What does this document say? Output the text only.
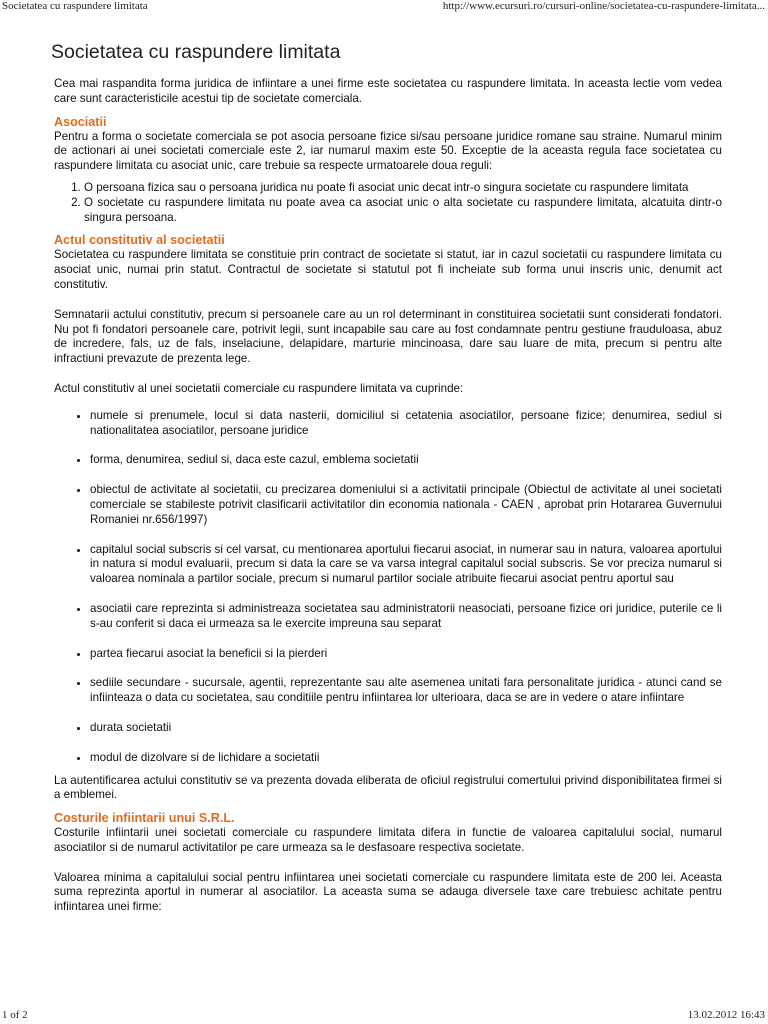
Societatea cu raspundere limitata	http://www.ecursuri.ro/cursuri-online/societatea-cu-raspundere-limitata...
Societatea cu raspundere limitata

Cea mai raspandita forma juridica de infiintare a unei firme este societatea cu raspundere limitata. In aceasta lectie vom vedea care sunt caracteristicile acestui tip de societate comerciala.

Asociatii

Pentru a forma o societate comerciala se pot asocia persoane fizice si/sau persoane juridice romane sau straine. Numarul minim de actionari ai unei societati comerciale este 2, iar numarul maxim este 50. Exceptie de la aceasta regula face societatea cu raspundere limitata cu asociat unic, care trebuie sa respecte urmatoarele doua reguli:

1. O persoana fizica sau o persoana juridica nu poate fi asociat unic decat intr-o singura societate cu raspundere limitata
2. O societate cu raspundere limitata nu poate avea ca asociat unic o alta societate cu raspundere limitata, alcatuita dintr-o singura persoana.
Actul constitutiv al societatii

Societatea cu raspundere limitata se constituie prin contract de societate si statut, iar in cazul societatii cu raspundere limitata cu asociat unic, numai prin statut. Contractul de societate si statutul pot fi incheiate sub forma unui inscris unic, denumit act constitutiv.

Semnatarii actului constitutiv, precum si persoanele care au un rol determinant in constituirea societatii sunt considerati fondatori. Nu pot fi fondatori persoanele care, potrivit legii, sunt incapabile sau care au fost condamnate pentru gestiune frauduloasa, abuz de incredere, fals, uz de fals, inselaciune, delapidare, marturie mincinoasa, dare sau luare de mita, precum si pentru alte infractiuni prevazute de prezenta lege.

Actul constitutiv al unei societatii comerciale cu raspundere limitata va cuprinde:

• numele si prenumele, locul si data nasterii, domiciliul si cetatenia asociatilor, persoane fizice; denumirea, sediul si nationalitatea asociatilor, persoane juridice
• forma, denumirea, sediul si, daca este cazul, emblema societatii
• obiectul de activitate al societatii, cu precizarea domeniului si a activitatii principale (Obiectul de activitate al unei societati comerciale se stabileste potrivit clasificarii activitatilor din economia nationala - CAEN , aprobat prin Hotararea Guvernului Romaniei nr.656/1997)
• capitalul social subscris si cel varsat, cu mentionarea aportului fiecarui asociat, in numerar sau in natura, valoarea aportului in natura si modul evaluarii, precum si data la care se va varsa integral capitalul social subscris. Se vor preciza numarul si valoarea nominala a partilor sociale, precum si numarul partilor sociale atribuite fiecarui asociat pentru aportul sau
• asociatii care reprezinta si administreaza societatea sau administratorii neasociati, persoane fizice ori juridice, puterile ce li s-au conferit si daca ei urmeaza sa le exercite impreuna sau separat
• partea fiecarui asociat la beneficii si la pierderi
• sediile secundare - sucursale, agentii, reprezentante sau alte asemenea unitati fara personalitate juridica - atunci cand se infiinteaza o data cu societatea, sau conditiile pentru infiintarea lor ulterioara, daca se are in vedere o atare infiintare
• durata societatii
• modul de dizolvare si de lichidare a societatii

La autentificarea actului constitutiv se va prezenta dovada eliberata de oficiul registrului comertului privind disponibilitatea firmei si a emblemei.

Costurile infiintarii unui S.R.L.

Costurile infiintarii unei societati comerciale cu raspundere limitata difera in functie de valoarea capitalului social, numarul asociatilor si de numarul activitatilor pe care urmeaza sa le desfasoare respectiva societate.

Valoarea minima a capitalului social pentru infiintarea unei societati comerciale cu raspundere limitata este de 200 lei. Aceasta suma reprezinta aportul in numerar al asociatilor. La aceasta suma se adauga diversele taxe care trebuiesc achitate pentru infiintarea unei firme:

1 of 2	13.02.2012 16:43
